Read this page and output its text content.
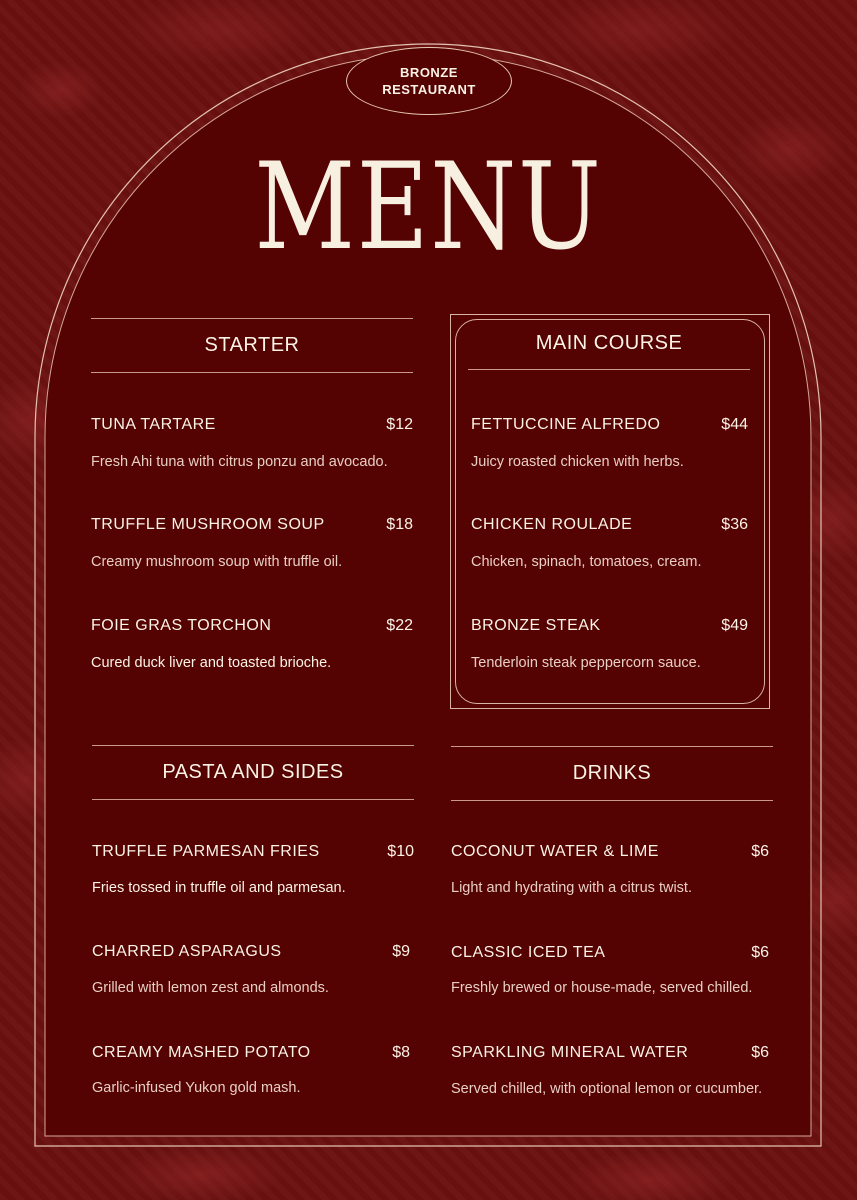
BRONZE
RESTAURANT
MENU
STARTER
TUNA TARTARE	$12
Fresh Ahi tuna with citrus ponzu and avocado.
TRUFFLE MUSHROOM SOUP	$18
Creamy mushroom soup with truffle oil.
FOIE GRAS TORCHON	$22
Cured duck liver and toasted brioche.
MAIN COURSE
FETTUCCINE ALFREDO	$44
Juicy roasted chicken with herbs.
CHICKEN ROULADE	$36
Chicken, spinach, tomatoes, cream.
BRONZE STEAK	$49
Tenderloin steak peppercorn sauce.
PASTA AND SIDES
TRUFFLE PARMESAN FRIES	$10
Fries tossed in truffle oil and parmesan.
CHARRED ASPARAGUS	$9
Grilled with lemon zest and almonds.
CREAMY MASHED POTATO	$8
Garlic-infused Yukon gold mash.
DRINKS
COCONUT WATER & LIME	$6
Light and hydrating with a citrus twist.
CLASSIC ICED TEA	$6
Freshly brewed or house-made, served chilled.
SPARKLING MINERAL WATER	$6
Served chilled, with optional lemon or cucumber.
